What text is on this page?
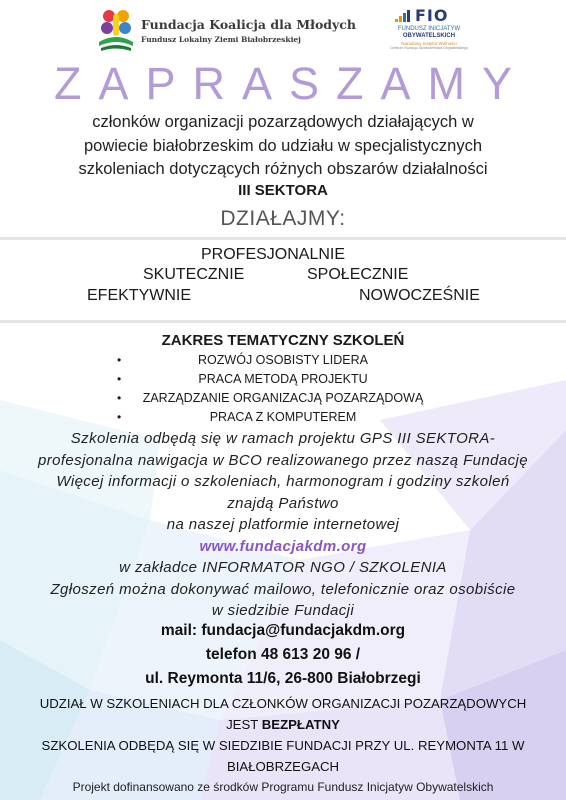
Fundacja Koalicja dla Młodych
Fundusz Lokalny Ziemi Białobrzeskiej
FIO
FUNDUSZ INICJATYW
OBYWATELSKICH
Narodowy Instytut Wolności
Centrum Rozwoju Społeczeństwa Obywatelskiego
ZAPRASZAMY
członków organizacji pozarządowych działających w
powiecie białobrzeskim do udziału w specjalistycznych
szkoleniach dotyczących różnych obszarów działalności
III SEKTORA
DZIAŁAJMY:
PROFESJONALNIE
SKUTECZNIE	SPOŁECZNIE
EFEKTYWNIE	NOWOCZEŚNIE
ZAKRES TEMATYCZNY SZKOLEŃ
•	ROZWÓJ OSOBISTY LIDERA
•	PRACA METODĄ PROJEKTU
• ZARZĄDZANIE ORGANIZACJĄ POZARZĄDOWĄ
•	PRACA Z KOMPUTEREM
Szkolenia odbędą się w ramach projektu GPS III SEKTORA-
profesjonalna nawigacja w BCO realizowanego przez naszą Fundację
Więcej informacji o szkoleniach, harmonogram i godziny szkoleń
znajdą Państwo
na naszej platformie internetowej
www.fundacjakdm.org
w zakładce INFORMATOR NGO / SZKOLENIA
Zgłoszeń można dokonywać mailowo, telefonicznie oraz osobiście
w siedzibie Fundacji
mail: fundacja@fundacjakdm.org
telefon 48 613 20 96 /
ul. Reymonta 11/6, 26-800 Białobrzegi
UDZIAŁ W SZKOLENIACH DLA CZŁONKÓW ORGANIZACJI POZARZĄDOWYCH
JEST BEZPŁATNY
SZKOLENIA ODBĘDĄ SIĘ W SIEDZIBIE FUNDACJI PRZY UL. REYMONTA 11 W
BIAŁOBRZEGACH
Projekt dofinansowano ze środków Programu Fundusz Inicjatyw Obywatelskich
